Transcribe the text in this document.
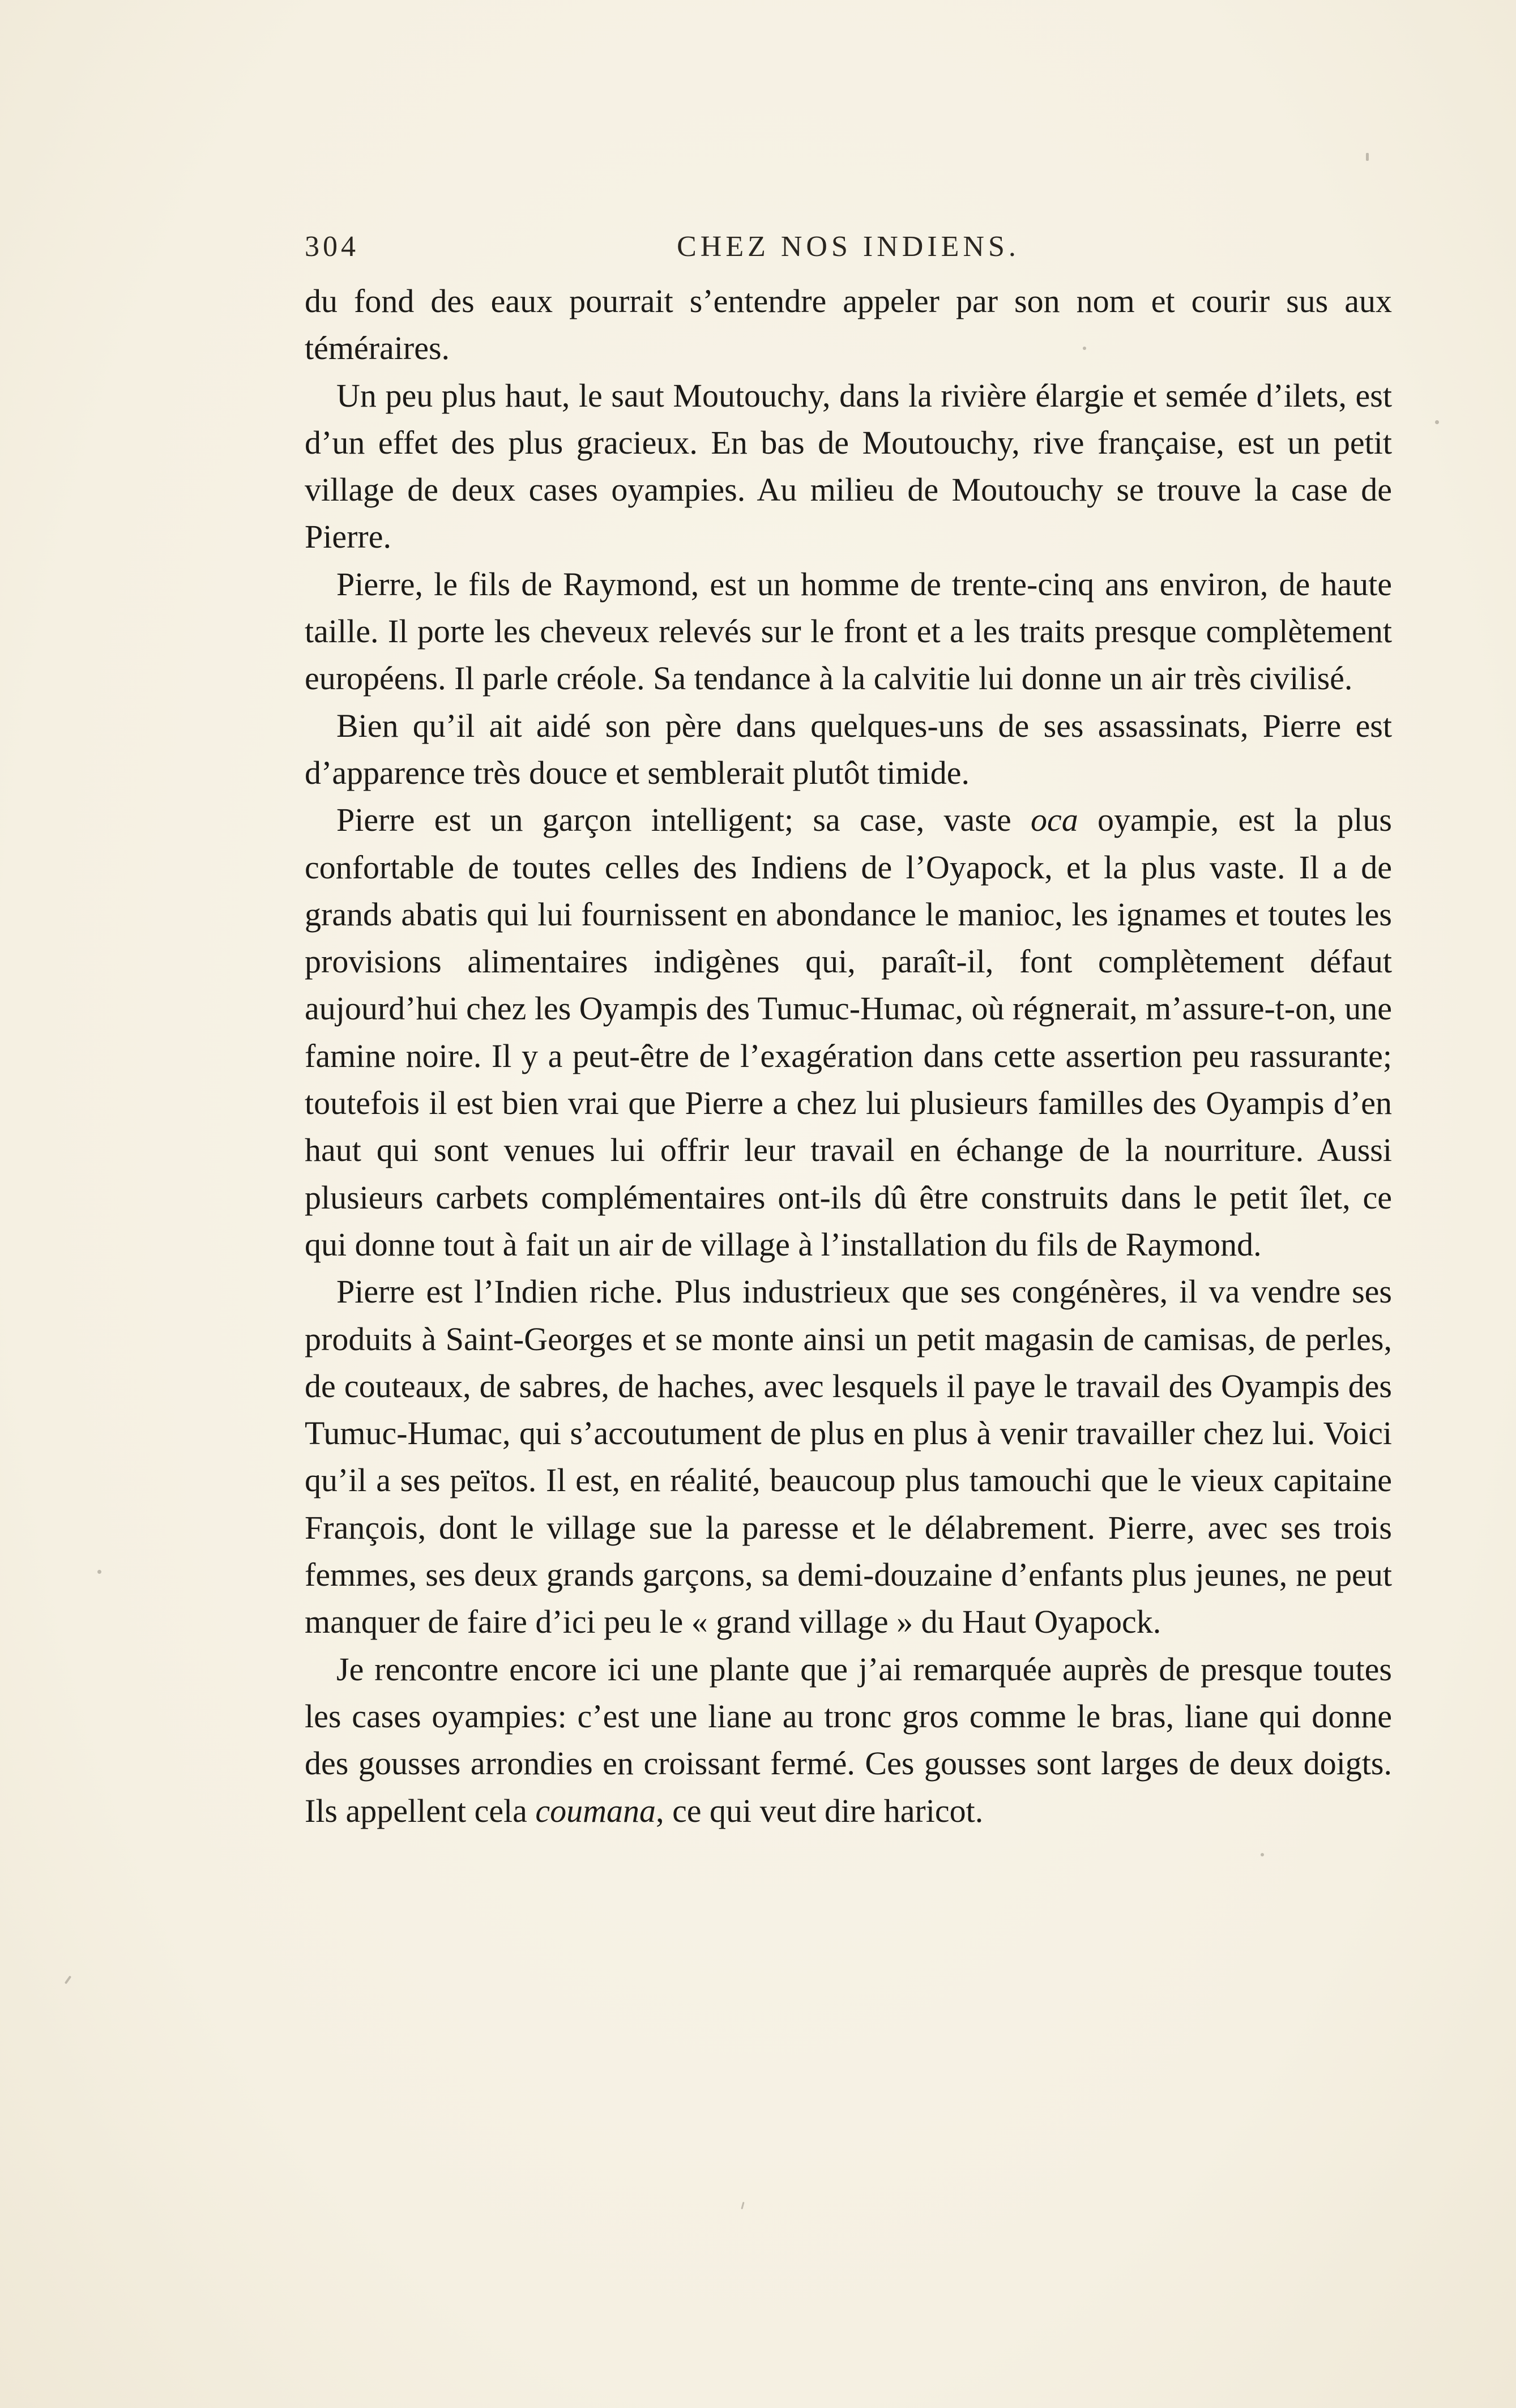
304	CHEZ NOS INDIENS.

du fond des eaux pourrait s’entendre appeler par son nom et courir sus aux téméraires.

Un peu plus haut, le saut Moutouchy, dans la rivière élargie et semée d’ilets, est d’un effet des plus gracieux. En bas de Moutouchy, rive française, est un petit village de deux cases oyampies. Au milieu de Moutouchy se trouve la case de Pierre.

Pierre, le fils de Raymond, est un homme de trente-cinq ans environ, de haute taille. Il porte les cheveux relevés sur le front et a les traits presque complètement européens. Il parle créole. Sa tendance à la calvitie lui donne un air très civilisé.

Bien qu’il ait aidé son père dans quelques-uns de ses assassinats, Pierre est d’apparence très douce et semblerait plutôt timide.

Pierre est un garçon intelligent; sa case, vaste oca oyampie, est la plus confortable de toutes celles des Indiens de l’Oyapock, et la plus vaste. Il a de grands abatis qui lui fournissent en abondance le manioc, les ignames et toutes les provisions alimentaires indigènes qui, paraît-il, font complètement défaut aujourd’hui chez les Oyampis des Tumuc-Humac, où régnerait, m’assure-t-on, une famine noire. Il y a peut-être de l’exagération dans cette assertion peu rassurante; toutefois il est bien vrai que Pierre a chez lui plusieurs familles des Oyampis d’en haut qui sont venues lui offrir leur travail en échange de la nourriture. Aussi plusieurs carbets complémentaires ont-ils dû être construits dans le petit îlet, ce qui donne tout à fait un air de village à l’installation du fils de Raymond.

Pierre est l’Indien riche. Plus industrieux que ses congénères, il va vendre ses produits à Saint-Georges et se monte ainsi un petit magasin de camisas, de perles, de couteaux, de sabres, de haches, avec lesquels il paye le travail des Oyampis des Tumuc-Humac, qui s’accoutument de plus en plus à venir travailler chez lui. Voici qu’il a ses peïtos. Il est, en réalité, beaucoup plus tamouchi que le vieux capitaine François, dont le village sue la paresse et le délabrement. Pierre, avec ses trois femmes, ses deux grands garçons, sa demi-douzaine d’enfants plus jeunes, ne peut manquer de faire d’ici peu le « grand village » du Haut Oyapock.

Je rencontre encore ici une plante que j’ai remarquée auprès de presque toutes les cases oyampies: c’est une liane au tronc gros comme le bras, liane qui donne des gousses arrondies en croissant fermé. Ces gousses sont larges de deux doigts. Ils appellent cela coumana, ce qui veut dire haricot.
